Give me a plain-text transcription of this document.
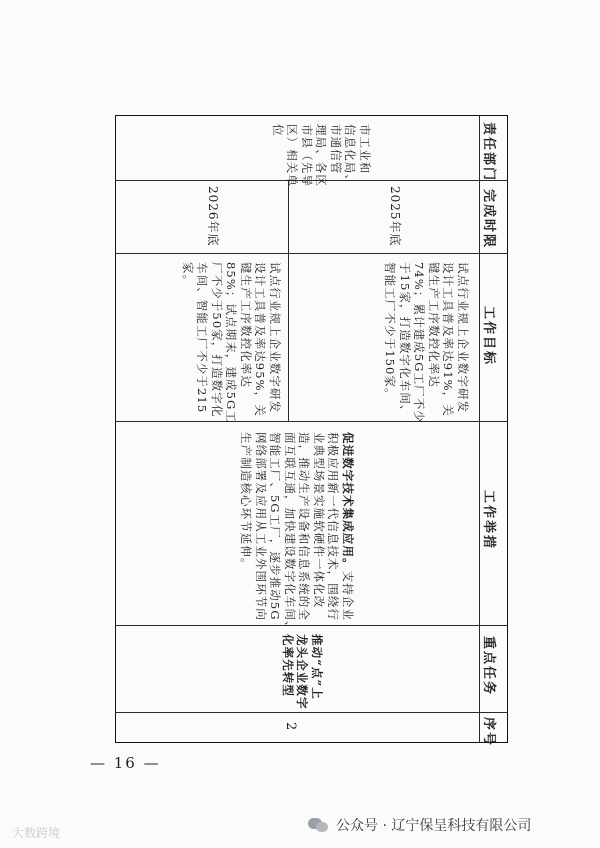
责任部门
完成时限
工作目标
工作举措
重点任务
序号
2

推动“点”上

龙头企业数字

化率先转型

促进数字技术集成应用。支持企业

积极应用新一代信息技术，围绕行

业典型场景实施软硬件一体化改

造，推动生产设备和信息系统的全

面互联互通，加快建设数字化车间、

智能工厂、5G工厂，逐步推动5G

网络部署及应用从工业外围环节向

生产制造核心环节延伸。

试点行业规上企业数字研发

设计工具普及率达91%，关

键生产工序数控化率达

74%；累计建成5G工厂不少

于15家，打造数字化车间、

智能工厂不少于150家。

试点行业规上企业数字研发

设计工具普及率达95%，关

键生产工序数控化率达

85%；试点期末，建成5G工

厂不少于50家，打造数字化

车间、智能工厂不少于215

家。

2025年底
2026年底

市工业和

信息化局、

市通信管

理局、各区

市县（先导

区）相关单

位

— 16 —
大数跨境	公众号 · 辽宁保呈科技有限公司
